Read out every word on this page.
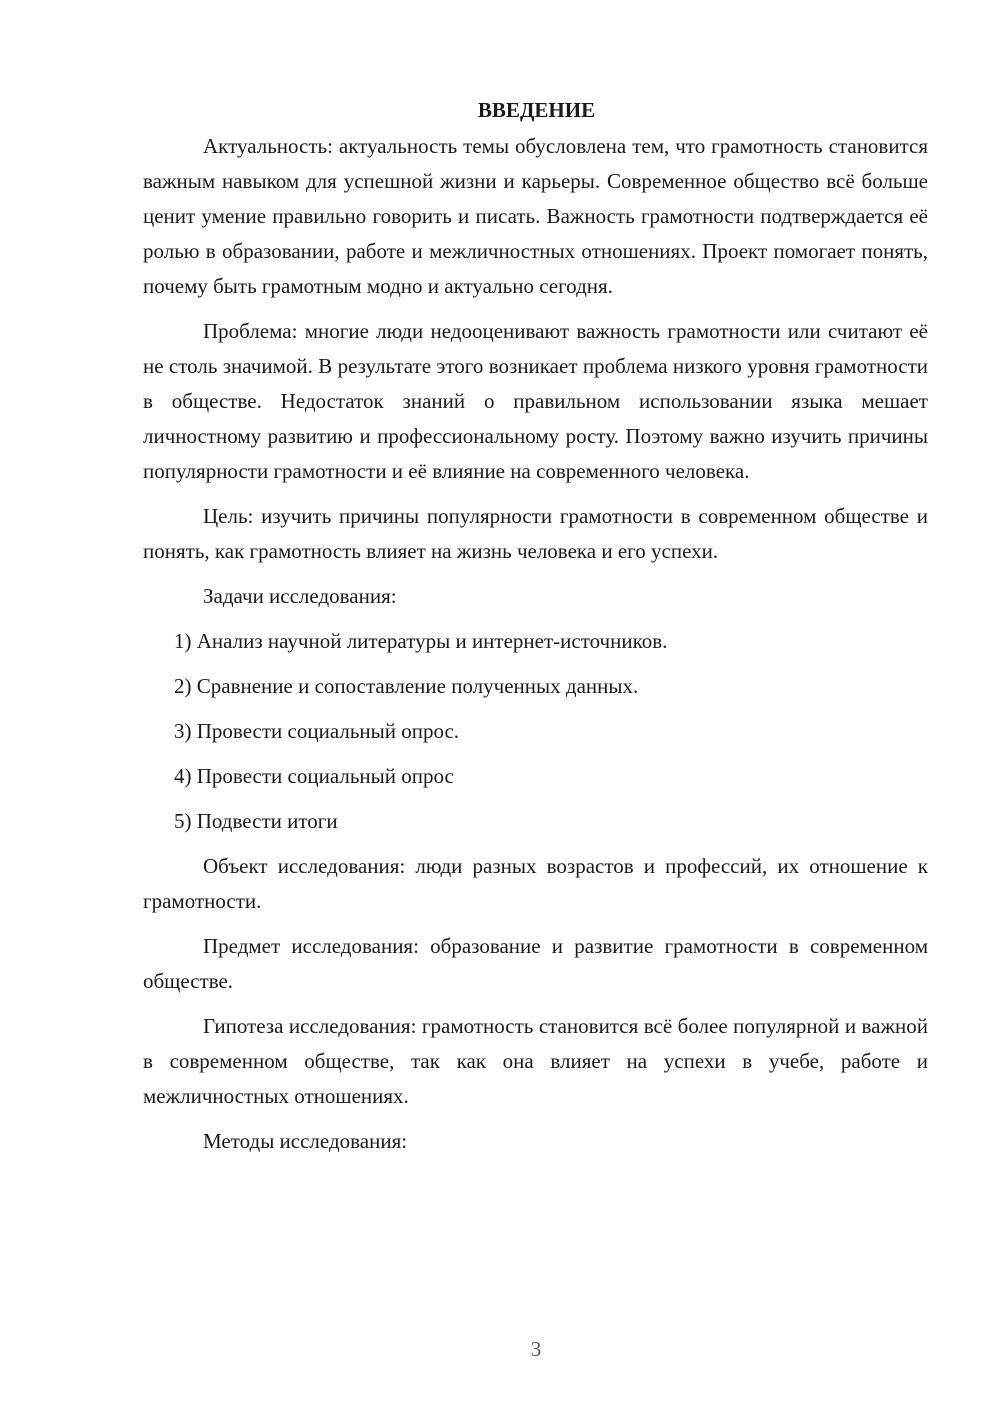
ВВЕДЕНИЕ

Актуальность: актуальность темы обусловлена тем, что грамотность становится важным навыком для успешной жизни и карьеры. Современное общество всё больше ценит умение правильно говорить и писать. Важность грамотности подтверждается её ролью в образовании, работе и межличностных отношениях. Проект помогает понять, почему быть грамотным модно и актуально сегодня.

Проблема: многие люди недооценивают важность грамотности или считают её не столь значимой. В результате этого возникает проблема низкого уровня грамотности в обществе. Недостаток знаний о правильном использовании языка мешает личностному развитию и профессиональному росту. Поэтому важно изучить причины популярности грамотности и её влияние на современного человека.

Цель: изучить причины популярности грамотности в современном обществе и понять, как грамотность влияет на жизнь человека и его успехи.

Задачи исследования:

1) Анализ научной литературы и интернет-источников.
2) Сравнение и сопоставление полученных данных.
3) Провести социальный опрос.
4) Провести социальный опрос
5) Подвести итоги

Объект исследования: люди разных возрастов и профессий, их отношение к грамотности.

Предмет исследования: образование и развитие грамотности в современном обществе.

Гипотеза исследования: грамотность становится всё более популярной и важной в современном обществе, так как она влияет на успехи в учебе, работе и межличностных отношениях.

Методы исследования:

3
